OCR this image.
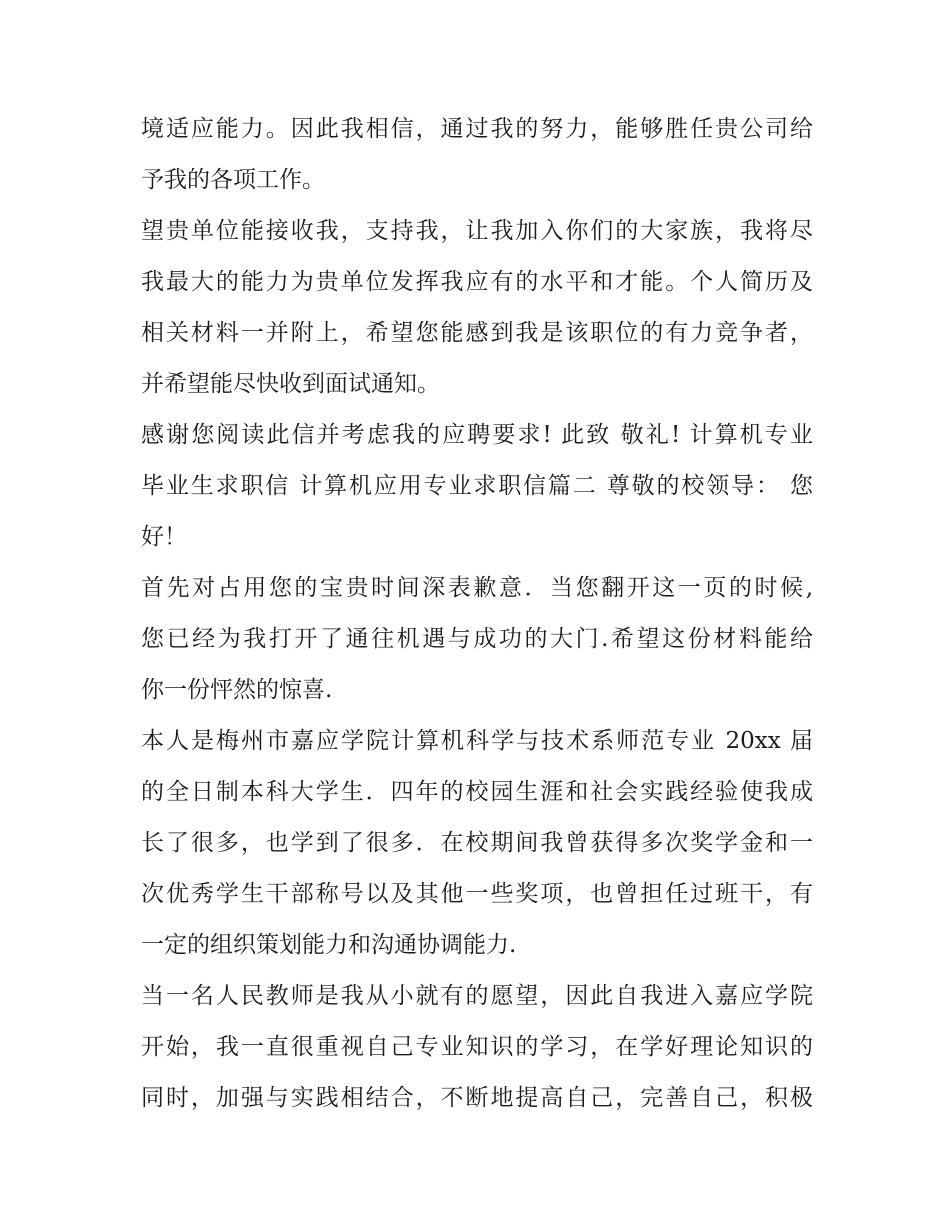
境适应能力。因此我相信，通过我的努力，能够胜任贵公司给
予我的各项工作。
望贵单位能接收我，支持我，让我加入你们的大家族，我将尽
我最大的能力为贵单位发挥我应有的水平和才能。个人简历及
相关材料一并附上，希望您能感到我是该职位的有力竞争者，
并希望能尽快收到面试通知。
感谢您阅读此信并考虑我的应聘要求! 此致 敬礼! 计算机专业
毕业生求职信 计算机应用专业求职信篇二 尊敬的校领导： 您
好！
首先对占用您的宝贵时间深表歉意．当您翻开这一页的时候,
您已经为我打开了通往机遇与成功的大门.希望这份材料能给
你一份怦然的惊喜.
本人是梅州市嘉应学院计算机科学与技术系师范专业 20xx 届
的全日制本科大学生．四年的校园生涯和社会实践经验使我成
长了很多，也学到了很多．在校期间我曾获得多次奖学金和一
次优秀学生干部称号以及其他一些奖项，也曾担任过班干，有
一定的组织策划能力和沟通协调能力.
当一名人民教师是我从小就有的愿望，因此自我进入嘉应学院
开始，我一直很重视自己专业知识的学习，在学好理论知识的
同时，加强与实践相结合，不断地提高自己，完善自己，积极
